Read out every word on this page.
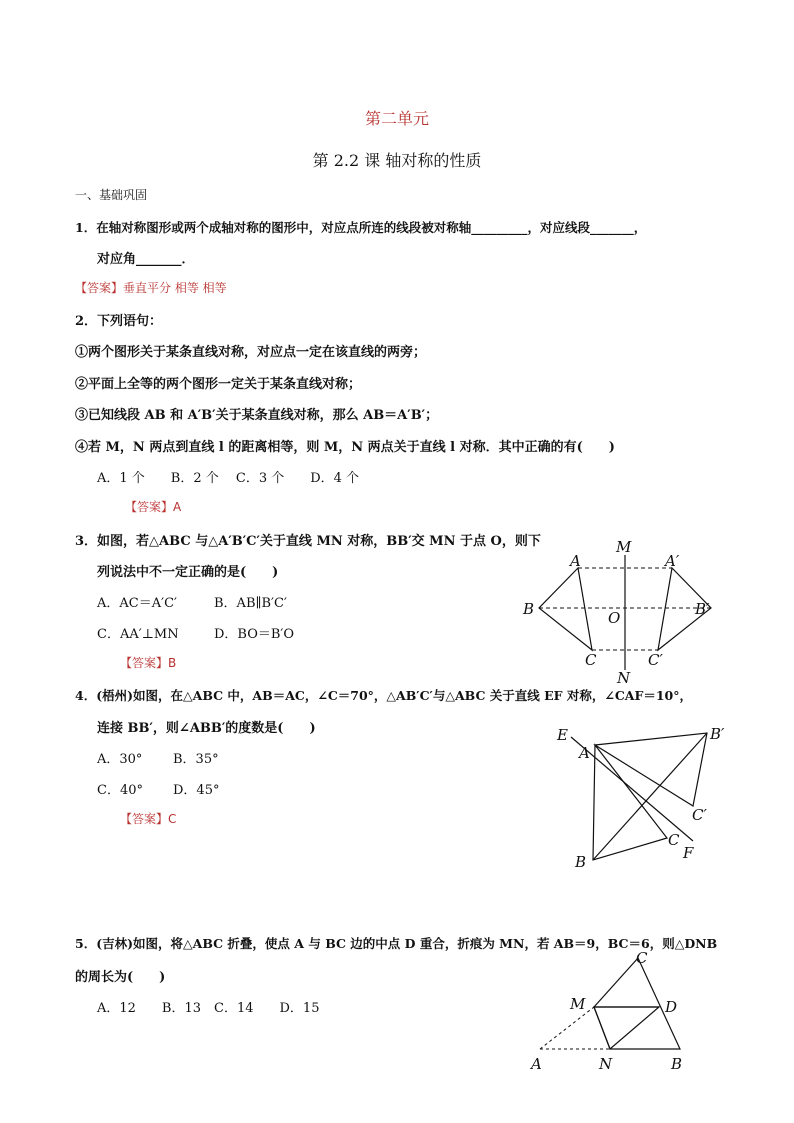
第二单元
第 2.2 课 轴对称的性质
一、基础巩固
1．在轴对称图形或两个成轴对称的图形中，对应点所连的线段被对称轴_________，对应线段_______，
对应角_______．
【答案】垂直平分 相等 相等
2．下列语句：
①两个图形关于某条直线对称，对应点一定在该直线的两旁；
②平面上全等的两个图形一定关于某条直线对称；
③已知线段 AB 和 A′B′关于某条直线对称，那么 AB＝A′B′；
④若 M，N 两点到直线 l 的距离相等，则 M，N 两点关于直线 l 对称．其中正确的有(　　)
A．1 个　　B．2 个　 C．3 个　　D．4 个
【答案】A
3．如图，若△ABC 与△A′B′C′关于直线 MN 对称，BB′交 MN 于点 O，则下
列说法中不一定正确的是(　　)
A．AC＝A′C′	B．AB∥B′C′
C．AA′⊥MN	D．BO＝B′O
【答案】B
M
N
A	A′
B	B′
O
C	C′
4．(梧州)如图，在△ABC 中，AB＝AC，∠C＝70°，△AB′C′与△ABC 关于直线 EF 对称，∠CAF＝10°，
连接 BB′，则∠ABB′的度数是(　　)
A．30° B．35°
C．40° D．45°
【答案】C
E
A
B′
C′
C
F
B
5．(吉林)如图，将△ABC 折叠，使点 A 与 BC 边的中点 D 重合，折痕为 MN，若 AB＝9，BC＝6，则△DNB
的周长为(　　)
A．12　　B．13　C．14　　D．15
C
M	D
A	N	B
